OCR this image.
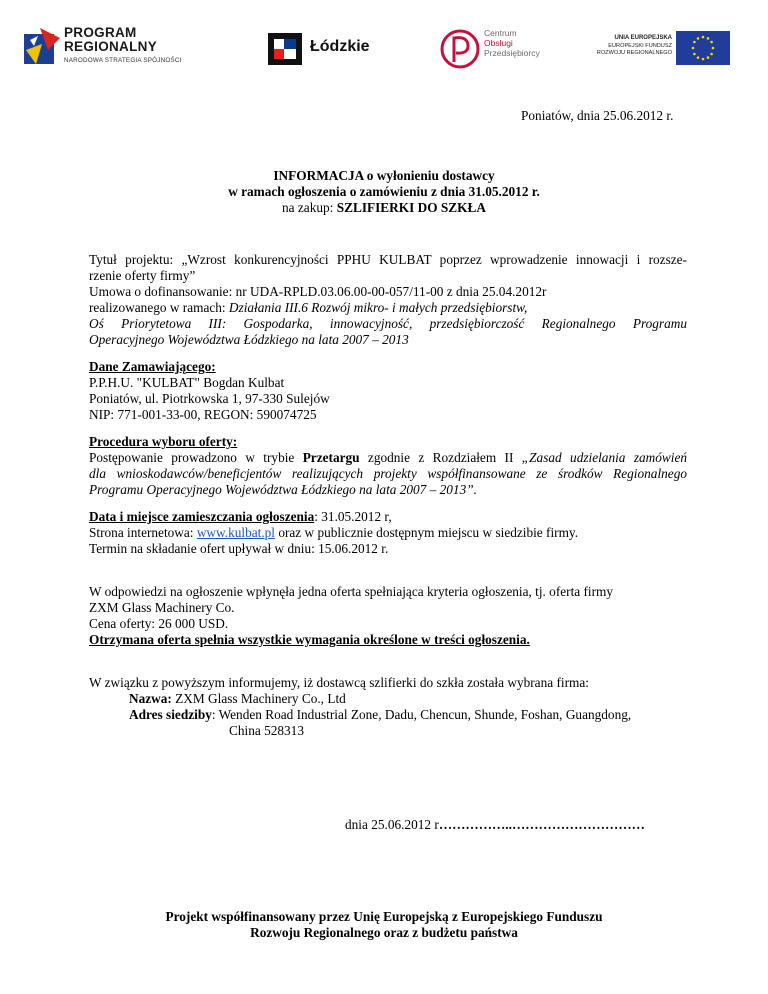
PROGRAM
REGIONALNY
NARODOWA STRATEGIA SPÓJNOŚCI
Łódzkie
Centrum
Obsługi
Przedsiębiorcy
UNIA EUROPEJSKA
EUROPEJSKI FUNDUSZ
ROZWOJU REGIONALNEGO
Poniatów, dnia 25.06.2012 r.
INFORMACJA o wyłonieniu dostawcy
w ramach ogłoszenia o zamówieniu z dnia 31.05.2012 r.
na zakup: SZLIFIERKI DO SZKŁA
Tytuł projektu: „Wzrost konkurencyjności PPHU KULBAT poprzez wprowadzenie innowacji i rozsze-
rzenie oferty firmy”
Umowa o dofinansowanie: nr UDA-RPLD.03.06.00-00-057/11-00 z dnia 25.04.2012r
realizowanego w ramach: Działania III.6 Rozwój mikro- i małych przedsiębiorstw,
Oś Priorytetowa III: Gospodarka, innowacyjność, przedsiębiorczość Regionalnego Programu
Operacyjnego Województwa Łódzkiego na lata 2007 – 2013
Dane Zamawiającego:
P.P.H.U. "KULBAT" Bogdan Kulbat
Poniatów, ul. Piotrkowska 1, 97-330 Sulejów
NIP: 771-001-33-00, REGON: 590074725
Procedura wyboru oferty:
Postępowanie prowadzono w trybie Przetargu zgodnie z Rozdziałem II „Zasad udzielania zamówień
dla wnioskodawców/beneficjentów realizujących projekty współfinansowane ze środków Regionalnego
Programu Operacyjnego Województwa Łódzkiego na lata 2007 – 2013”.
Data i miejsce zamieszczania ogłoszenia: 31.05.2012 r,
Strona internetowa: www.kulbat.pl oraz w publicznie dostępnym miejscu w siedzibie firmy.
Termin na składanie ofert upływał w dniu: 15.06.2012 r.
W odpowiedzi na ogłoszenie wpłynęła jedna oferta spełniająca kryteria ogłoszenia, tj. oferta firmy
ZXM Glass Machinery Co.
Cena oferty: 26 000 USD.
Otrzymana oferta spełnia wszystkie wymagania określone w treści ogłoszenia.
W związku z powyższym informujemy, iż dostawcą szlifierki do szkła została wybrana firma:
Nazwa: ZXM Glass Machinery Co., Ltd
Adres siedziby: Wenden Road Industrial Zone, Dadu, Chencun, Shunde, Foshan, Guangdong,
China 528313
dnia 25.06.2012 r……………..…………………………
Projekt współfinansowany przez Unię Europejską z Europejskiego Funduszu
Rozwoju Regionalnego oraz z budżetu państwa
